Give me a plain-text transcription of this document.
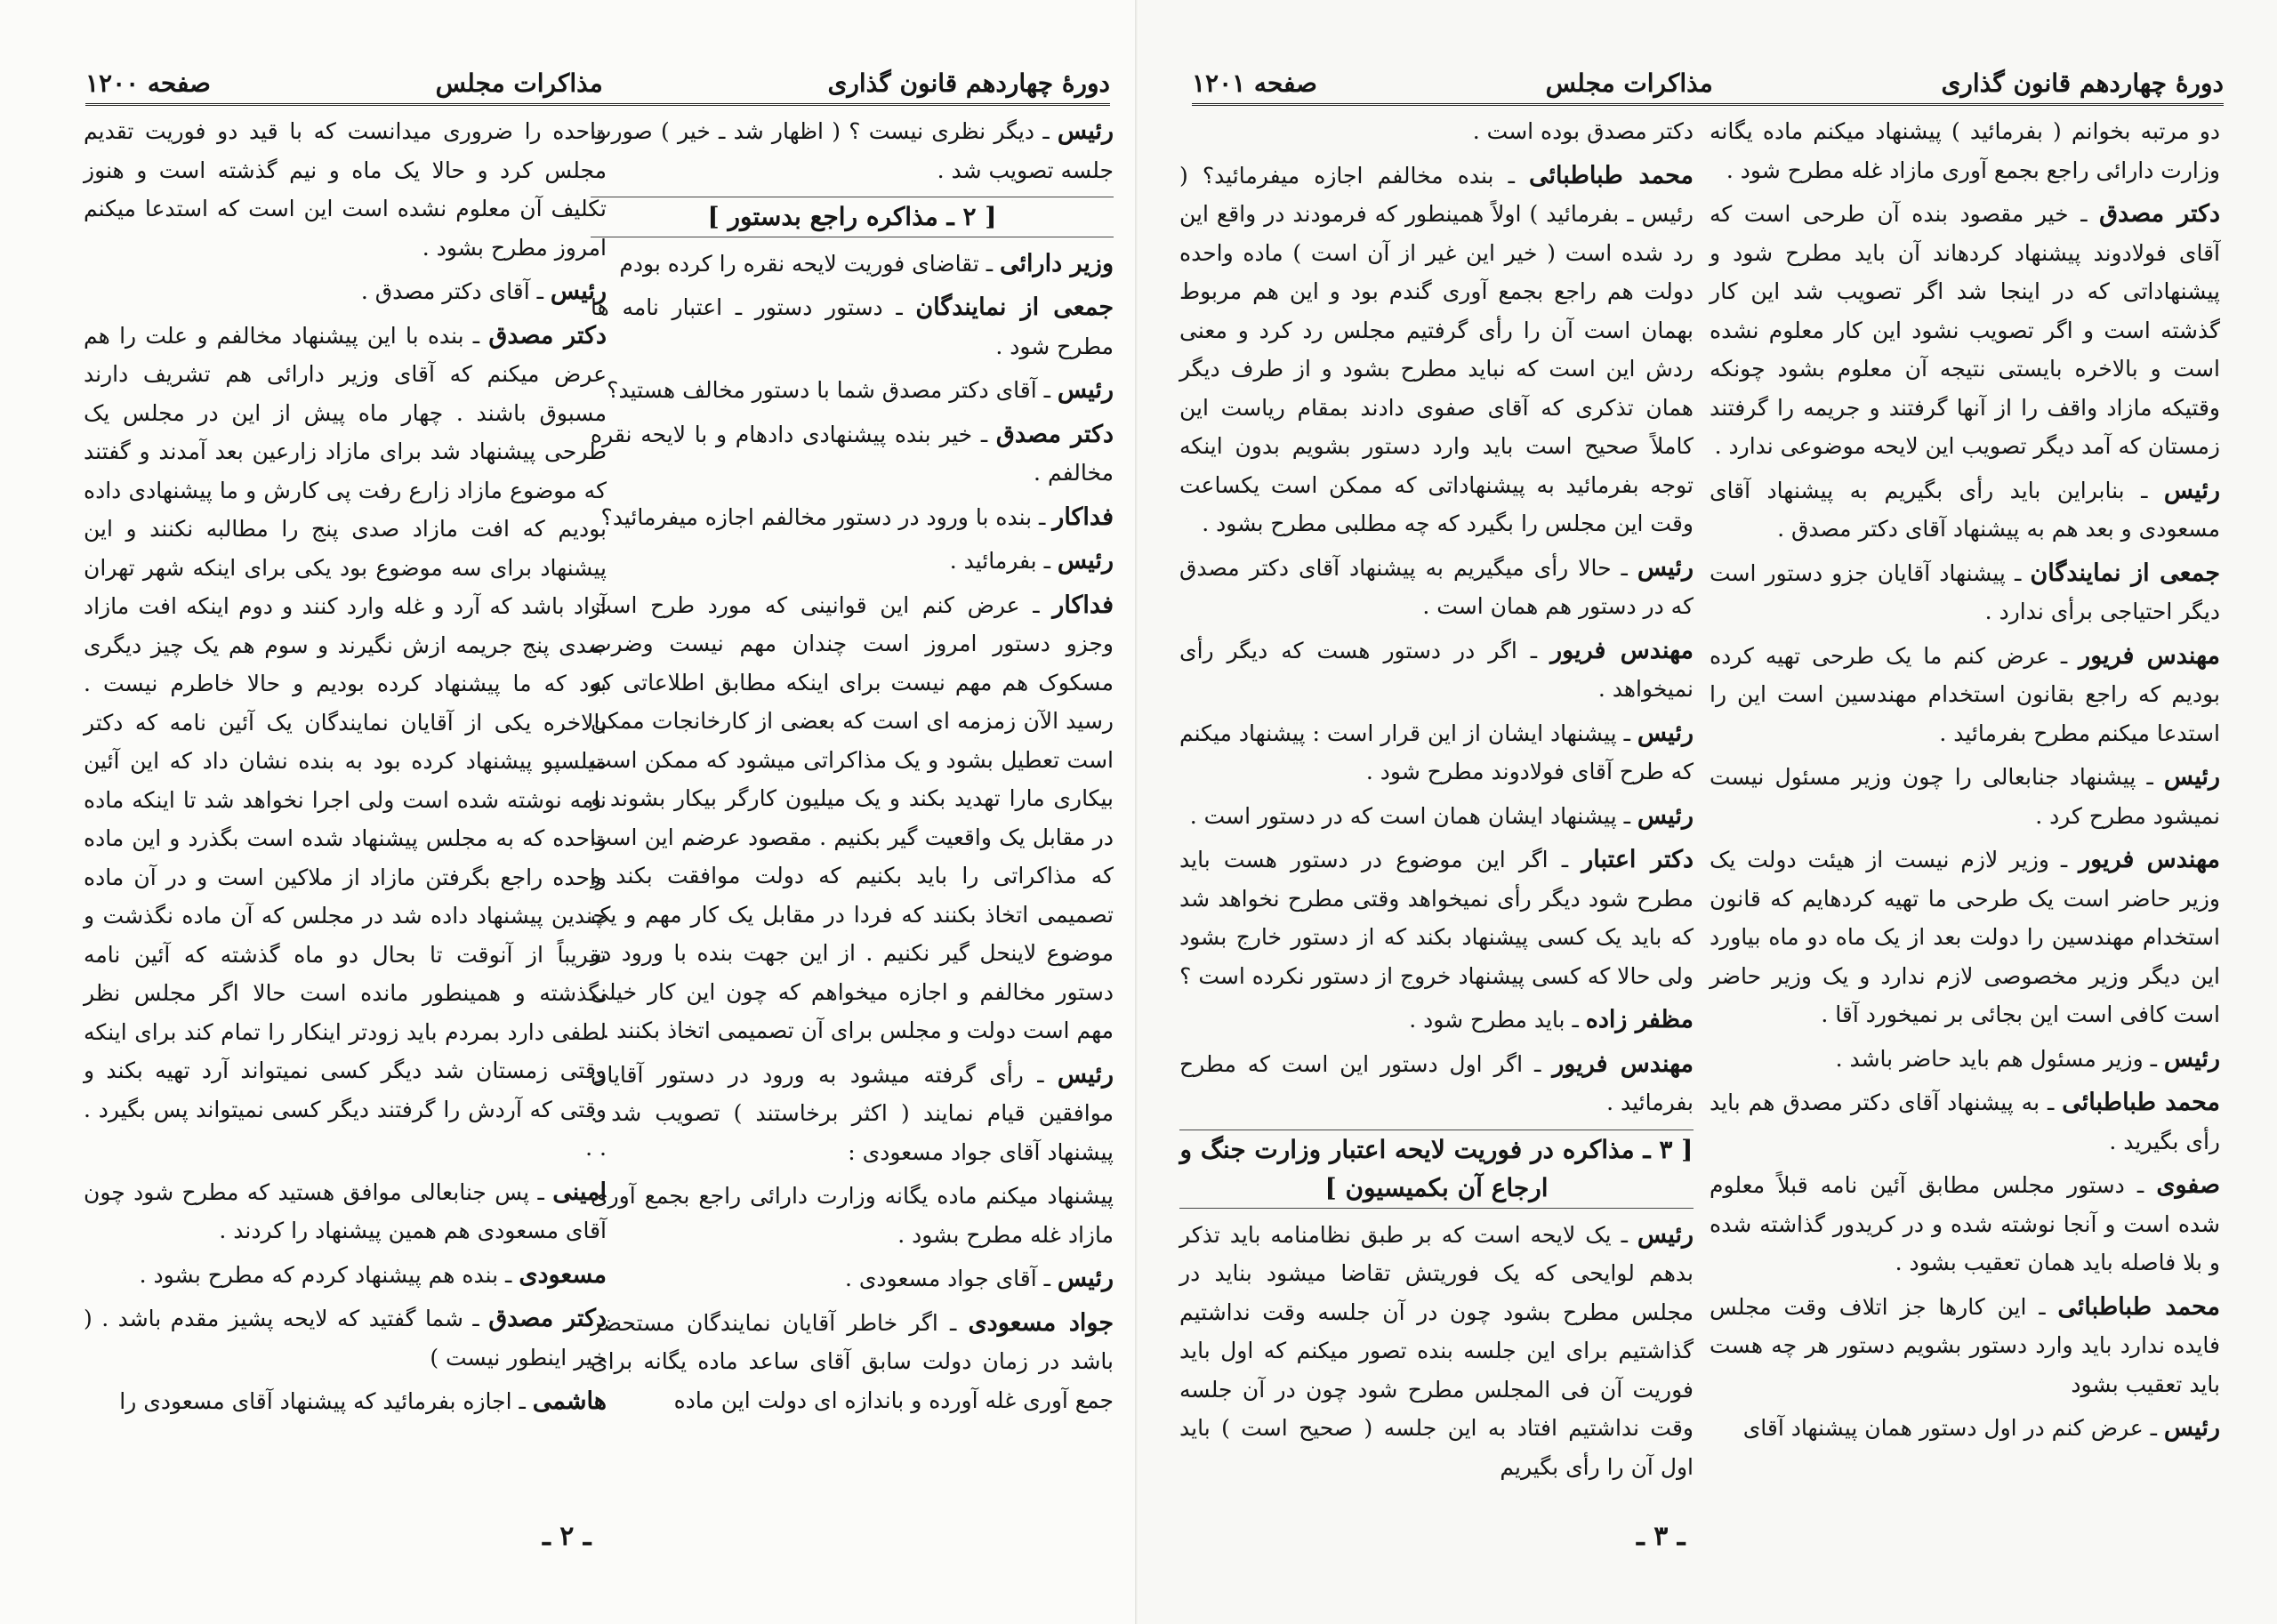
دورهٔ چهاردهم قانون گذاری
مذاکرات مجلس
صفحه ۱۲۰۰
رئیس ـ دیگر نظری نیست ؟ ( اظهار شد ـ خیر ) صورت جلسه تصویب شد .
[ ۲ ـ مذاکره راجع بدستور ]
وزیر دارائی ـ تقاضای فوریت لایحه نقره را کرده بودم
جمعی از نمایندگان ـ دستور دستور ـ اعتبار نامه ها مطرح شود .
رئیس ـ آقای دکتر مصدق شما با دستور مخالف هستید؟
دکتر مصدق ـ خیر بنده پیشنهادی دادهام و با لایحه نقره مخالفم .
فداکار ـ بنده با ورود در دستور مخالفم اجازه میفرمائید؟
رئیس ـ بفرمائید .
فداکار ـ عرض کنم این قوانینی که مورد طرح است وجزو دستور امروز است چندان مهم نیست وضرب مسکوک هم مهم نیست برای اینکه مطابق اطلاعاتی که رسید الآن زمزمه ای است که بعضی از کارخانجات ممکن است تعطیل بشود و یک مذاکراتی میشود که ممکن است بیکاری مارا تهدید بکند و یک میلیون کارگر بیکار بشوند و در مقابل یک واقعیت گیر بکنیم . مقصود عرضم این است که مذاکراتی را باید بکنیم که دولت موافقت بکند و تصمیمی اتخاذ بکنند که فردا در مقابل یک کار مهم و یک موضوع لاینحل گیر نکنیم . از این جهت بنده با ورود در دستور مخالفم و اجازه میخواهم که چون این کار خیلی مهم است دولت و مجلس برای آن تصمیمی اتخاذ بکنند .
رئیس ـ رأی گرفته میشود به ورود در دستور آقایان موافقین قیام نمایند ( اکثر برخاستند ) تصویب شد . پیشنهاد آقای جواد مسعودی :
پیشنهاد میکنم ماده یگانه وزارت دارائی راجع بجمع آوری مازاد غله مطرح بشود .
رئیس ـ آقای جواد مسعودی .
جواد مسعودی ـ اگر خاطر آقایان نمایندگان مستحضر باشد در زمان دولت سابق آقای ساعد ماده یگانه برای جمع آوری غله آورده و باندازه ای دولت این ماده
واحده را ضروری میدانست که با قید دو فوریت تقدیم مجلس کرد و حالا یک ماه و نیم گذشته است و هنوز تکلیف آن معلوم نشده است این است که استدعا میکنم امروز مطرح بشود .
رئیس ـ آقای دکتر مصدق .
دکتر مصدق ـ بنده با این پیشنهاد مخالفم و علت را هم عرض میکنم که آقای وزیر دارائی هم تشریف دارند مسبوق باشند . چهار ماه پیش از این در مجلس یک طرحی پیشنهاد شد برای مازاد زارعین بعد آمدند و گفتند که موضوع مازاد زارع رفت پی کارش و ما پیشنهادی داده بودیم که افت مازاد صدی پنج را مطالبه نکنند و این پیشنهاد برای سه موضوع بود یکی برای اینکه شهر تهران آزاد باشد که آرد و غله وارد کنند و دوم اینکه افت مازاد صدی پنج جریمه ازش نگیرند و سوم هم یک چیز دیگری بود که ما پیشنهاد کرده بودیم و حالا خاطرم نیست . بالاخره یکی از آقایان نمایندگان یک آئین نامه که دکتر میلسپو پیشنهاد کرده بود به بنده نشان داد که این آئین نامه نوشته شده است ولی اجرا نخواهد شد تا اینکه ماده واحده که به مجلس پیشنهاد شده است بگذرد و این ماده واحده راجع بگرفتن مازاد از ملاکین است و در آن ماده چندین پیشنهاد داده شد در مجلس که آن ماده نگذشت و تقریباً از آنوقت تا بحال دو ماه گذشته که آئین نامه نگذشته و همینطور مانده است حالا اگر مجلس نظر لطفی دارد بمردم باید زودتر اینکار را تمام کند برای اینکه وقتی زمستان شد دیگر کسی نمیتواند آرد تهیه بکند و وقتی که آردش را گرفتند دیگر کسی نمیتواند پس بگیرد . . .
امینی ـ پس جنابعالی موافق هستید که مطرح شود چون آقای مسعودی هم همین پیشنهاد را کردند .
مسعودی ـ بنده هم پیشنهاد کردم که مطرح بشود .
دکتر مصدق ـ شما گفتید که لایحه پشیز مقدم باشد . ( خیر اینطور نیست )
هاشمی ـ اجازه بفرمائید که پیشنهاد آقای مسعودی را
ـ ۲ ـ
دورهٔ چهاردهم قانون گذاری
مذاکرات مجلس
صفحه ۱۲۰۱
دو مرتبه بخوانم ( بفرمائید ) پیشنهاد میکنم ماده یگانه وزارت دارائی راجع بجمع آوری مازاد غله مطرح شود .
دکتر مصدق ـ خیر مقصود بنده آن طرحی است که آقای فولادوند پیشنهاد کردهاند آن باید مطرح شود و پیشنهاداتی که در اینجا شد اگر تصویب شد این کار گذشته است و اگر تصویب نشود این کار معلوم نشده است و بالاخره بایستی نتیجه آن معلوم بشود چونکه وقتیکه مازاد واقف را از آنها گرفتند و جریمه را گرفتند زمستان که آمد دیگر تصویب این لایحه موضوعی ندارد .
رئیس ـ بنابراین باید رأی بگیریم به پیشنهاد آقای مسعودی و بعد هم به پیشنهاد آقای دکتر مصدق .
جمعی از نمایندگان ـ پیشنهاد آقایان جزو دستور است دیگر احتیاجی برأی ندارد .
مهندس فریور ـ عرض کنم ما یک طرحی تهیه کرده بودیم که راجع بقانون استخدام مهندسین است این را استدعا میکنم مطرح بفرمائید .
رئیس ـ پیشنهاد جنابعالی را چون وزیر مسئول نیست نمیشود مطرح کرد .
مهندس فریور ـ وزیر لازم نیست از هیئت دولت یک وزیر حاضر است یک طرحی ما تهیه کردهایم که قانون استخدام مهندسین را دولت بعد از یک ماه دو ماه بیاورد این دیگر وزیر مخصوصی لازم ندارد و یک وزیر حاضر است کافی است این بجائی بر نمیخورد آقا .
رئیس ـ وزیر مسئول هم باید حاضر باشد .
محمد طباطبائی ـ به پیشنهاد آقای دکتر مصدق هم باید رأی بگیرید .
صفوی ـ دستور مجلس مطابق آئین نامه قبلاً معلوم شده است و آنجا نوشته شده و در کریدور گذاشته شده و بلا فاصله باید همان تعقیب بشود .
محمد طباطبائی ـ این کارها جز اتلاف وقت مجلس فایده ندارد باید وارد دستور بشویم دستور هر چه هست باید تعقیب بشود
رئیس ـ عرض کنم در اول دستور همان پیشنهاد آقای
دکتر مصدق بوده است .
محمد طباطبائی ـ بنده مخالفم اجازه میفرمائید؟ ( رئیس ـ بفرمائید ) اولاً همینطور که فرمودند در واقع این رد شده است ( خیر این غیر از آن است ) ماده واحده دولت هم راجع بجمع آوری گندم بود و این هم مربوط بهمان است آن را رأی گرفتیم مجلس رد کرد و معنی ردش این است که نباید مطرح بشود و از طرف دیگر همان تذکری که آقای صفوی دادند بمقام ریاست این کاملاً صحیح است باید وارد دستور بشویم بدون اینکه توجه بفرمائید به پیشنهاداتی که ممکن است یکساعت وقت این مجلس را بگیرد که چه مطلبی مطرح بشود .
رئیس ـ حالا رأی میگیریم به پیشنهاد آقای دکتر مصدق که در دستور هم همان است .
مهندس فریور ـ اگر در دستور هست که دیگر رأی نمیخواهد .
رئیس ـ پیشنهاد ایشان از این قرار است : پیشنهاد میکنم که طرح آقای فولادوند مطرح شود .
رئیس ـ پیشنهاد ایشان همان است که در دستور است .
دکتر اعتبار ـ اگر این موضوع در دستور هست باید مطرح شود دیگر رأی نمیخواهد وقتی مطرح نخواهد شد که باید یک کسی پیشنهاد بکند که از دستور خارج بشود ولی حالا که کسی پیشنهاد خروج از دستور نکرده است ؟
مظفر زاده ـ باید مطرح شود .
مهندس فریور ـ اگر اول دستور این است که مطرح بفرمائید .
[ ۳ ـ مذاکره در فوریت لایحه اعتبار وزارت جنگ و ارجاع آن بکمیسیون ]
رئیس ـ یک لایحه است که بر طبق نظامنامه باید تذکر بدهم لوایحی که یک فوریتش تقاضا میشود بناید در مجلس مطرح بشود چون در آن جلسه وقت نداشتیم گذاشتیم برای این جلسه بنده تصور میکنم که اول باید فوریت آن فی المجلس مطرح شود چون در آن جلسه وقت نداشتیم افتاد به این جلسه ( صحیح است ) باید اول آن را رأی بگیریم
ـ ۳ ـ
